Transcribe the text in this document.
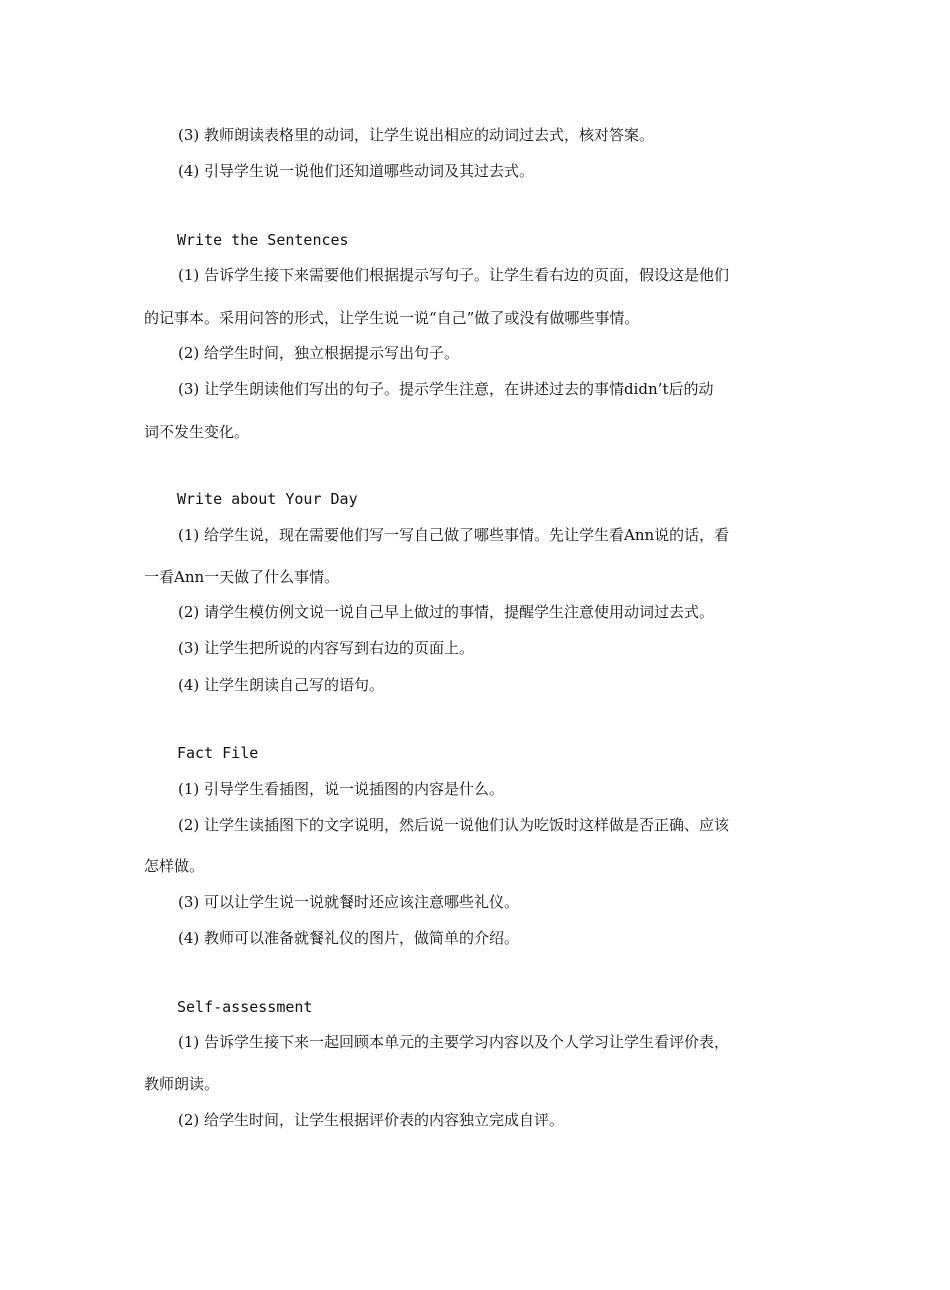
(3) 教师朗读表格里的动词，让学生说出相应的动词过去式，核对答案。
(4) 引导学生说一说他们还知道哪些动词及其过去式。
Write the Sentences
(1) 告诉学生接下来需要他们根据提示写句子。让学生看右边的页面，假设这是他们
的记事本。采用问答的形式，让学生说一说“自己”做了或没有做哪些事情。
(2) 给学生时间，独立根据提示写出句子。
(3) 让学生朗读他们写出的句子。提示学生注意，在讲述过去的事情didn’t后的动
词不发生变化。
Write about Your Day
(1) 给学生说，现在需要他们写一写自己做了哪些事情。先让学生看Ann说的话，看
一看Ann一天做了什么事情。
(2) 请学生模仿例文说一说自己早上做过的事情，提醒学生注意使用动词过去式。
(3) 让学生把所说的内容写到右边的页面上。
(4) 让学生朗读自己写的语句。
Fact File
(1) 引导学生看插图，说一说插图的内容是什么。
(2) 让学生读插图下的文字说明，然后说一说他们认为吃饭时这样做是否正确、应该
怎样做。
(3) 可以让学生说一说就餐时还应该注意哪些礼仪。
(4) 教师可以准备就餐礼仪的图片，做简单的介绍。
Self-assessment
(1) 告诉学生接下来一起回顾本单元的主要学习内容以及个人学习让学生看评价表，
教师朗读。
(2) 给学生时间，让学生根据评价表的内容独立完成自评。
